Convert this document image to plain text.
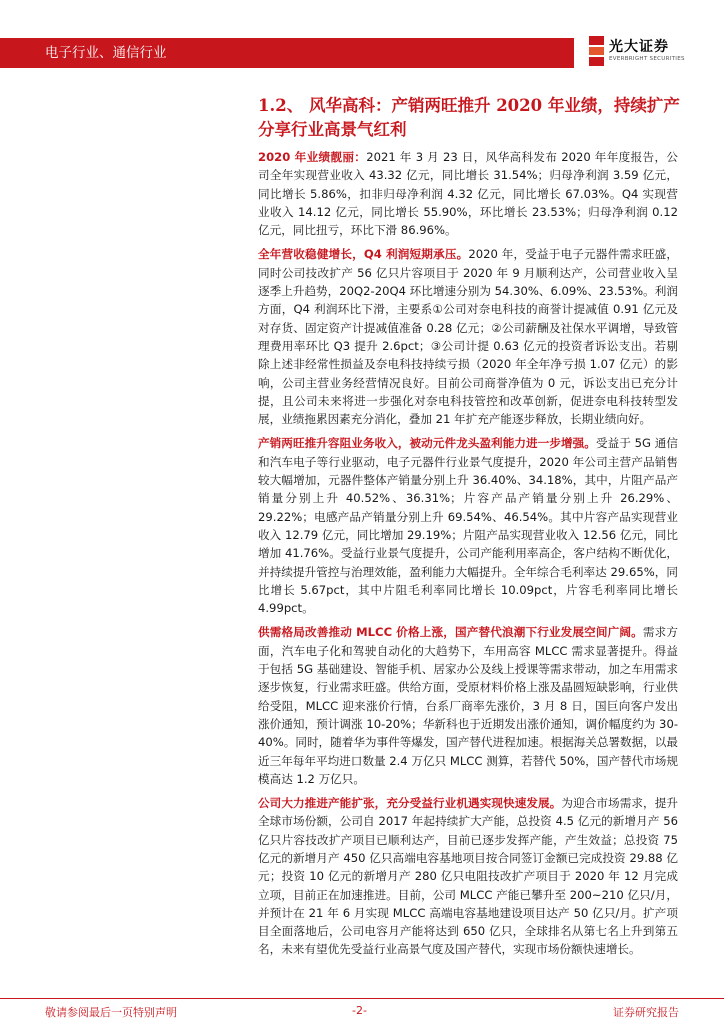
电子行业、通信行业	光大证券
EVERBRIGHT SECURITIES
1.2、 风华高科：产销两旺推升 2020 年业绩，持续扩产分享行业高景气红利

2020 年业绩靓丽：2021 年 3 月 23 日，风华高科发布 2020 年年度报告，公司全年实现营业收入 43.32 亿元，同比增长 31.54%；归母净利润 3.59 亿元，同比增长 5.86%，扣非归母净利润 4.32 亿元，同比增长 67.03%。Q4 实现营业收入 14.12 亿元，同比增长 55.90%，环比增长 23.53%；归母净利润 0.12 亿元，同比扭亏，环比下滑 86.96%。

全年营收稳健增长，Q4 利润短期承压。2020 年，受益于电子元器件需求旺盛，同时公司技改扩产 56 亿只片容项目于 2020 年 9 月顺利达产，公司营业收入呈逐季上升趋势，20Q2-20Q4 环比增速分别为 54.30%、6.09%、23.53%。利润方面，Q4 利润环比下滑，主要系①公司对奈电科技的商誉计提减值 0.91 亿元及对存货、固定资产计提减值准备 0.28 亿元；②公司薪酬及社保水平调增，导致管理费用率环比 Q3 提升 2.6pct；③公司计提 0.63 亿元的投资者诉讼支出。若剔除上述非经常性损益及奈电科技持续亏损（2020 年全年净亏损 1.07 亿元）的影响，公司主营业务经营情况良好。目前公司商誉净值为 0 元，诉讼支出已充分计提，且公司未来将进一步强化对奈电科技管控和改革创新，促进奈电科技转型发展，业绩拖累因素充分消化，叠加 21 年扩充产能逐步释放，长期业绩向好。

产销两旺推升容阻业务收入，被动元件龙头盈利能力进一步增强。受益于 5G 通信和汽车电子等行业驱动，电子元器件行业景气度提升，2020 年公司主营产品销售较大幅增加，元器件整体产销量分别上升 36.40%、34.18%，其中，片阻产品产销量分别上升 40.52%、36.31%；片容产品产销量分别上升 26.29%、29.22%；电感产品产销量分别上升 69.54%、46.54%。其中片容产品实现营业收入 12.79 亿元，同比增加 29.19%；片阻产品实现营业收入 12.56 亿元，同比增加 41.76%。受益行业景气度提升，公司产能利用率高企，客户结构不断优化，并持续提升管控与治理效能，盈利能力大幅提升。全年综合毛利率达 29.65%，同比增长 5.67pct，其中片阻毛利率同比增长 10.09pct，片容毛利率同比增长 4.99pct。

供需格局改善推动 MLCC 价格上涨，国产替代浪潮下行业发展空间广阔。需求方面，汽车电子化和驾驶自动化的大趋势下，车用高容 MLCC 需求显著提升。得益于包括 5G 基础建设、智能手机、居家办公及线上授课等需求带动，加之车用需求逐步恢复，行业需求旺盛。供给方面，受原材料价格上涨及晶圆短缺影响，行业供给受阻，MLCC 迎来涨价行情，台系厂商率先涨价，3 月 8 日，国巨向客户发出涨价通知，预计调涨 10-20%；华新科也于近期发出涨价通知，调价幅度约为 30-40%。同时，随着华为事件等爆发，国产替代进程加速。根据海关总署数据，以最近三年每年平均进口数量 2.4 万亿只 MLCC 测算，若替代 50%，国产替代市场规模高达 1.2 万亿只。

公司大力推进产能扩张，充分受益行业机遇实现快速发展。为迎合市场需求，提升全球市场份额，公司自 2017 年起持续扩大产能，总投资 4.5 亿元的新增月产 56 亿只片容技改扩产项目已顺利达产，目前已逐步发挥产能，产生效益；总投资 75 亿元的新增月产 450 亿只高端电容基地项目按合同签订金额已完成投资 29.88 亿元；投资 10 亿元的新增月产 280 亿只电阻技改扩产项目于 2020 年 12 月完成立项，目前正在加速推进。目前，公司 MLCC 产能已攀升至 200~210 亿只/月，并预计在 21 年 6 月实现 MLCC 高端电容基地建设项目达产 50 亿只/月。扩产项目全面落地后，公司电容月产能将达到 650 亿只，全球排名从第七名上升到第五名，未来有望优先受益行业高景气度及国产替代，实现市场份额快速增长。

敬请参阅最后一页特别声明	-2-	证券研究报告
